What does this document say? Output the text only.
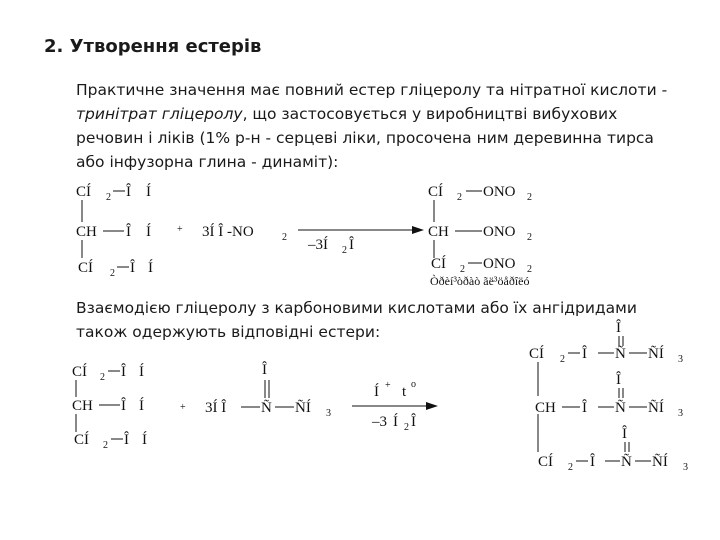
2. Утворення естерів
Практичне значення має повний естер гліцеролу та нітратної кислоти - тринітрат гліцеролу, що застосовується у виробництві вибухових речовин і ліків (1% р-н - серцеві ліки, просочена ним деревинна тирса або інфузорна глина - динаміт):
Взаємодією гліцеролу з карбоновими кислотами або їх ангідридами також одержують відповідні естери:
CÍ 2 Î Í
CH Î Í
CÍ 2 Î Í
+ 3Í Î -NO	2 –3Í 2 Î
CÍ 2 ONO 2
CH ONO 2
CÍ 2 ONO 2
Òðèí³òðàò ãë³öåðîëó
CÍ 2 Î Í
CH Î Í
CÍ 2 Î Í
+ 3Í Î
Î
Ñ ÑÍ 3
Í + t o
–3 Í 2 Î
Î
CÍ 2 Î Ñ ÑÍ 3
Î
CH Î Ñ ÑÍ 3
Î
CÍ 2 Î Ñ ÑÍ 3
